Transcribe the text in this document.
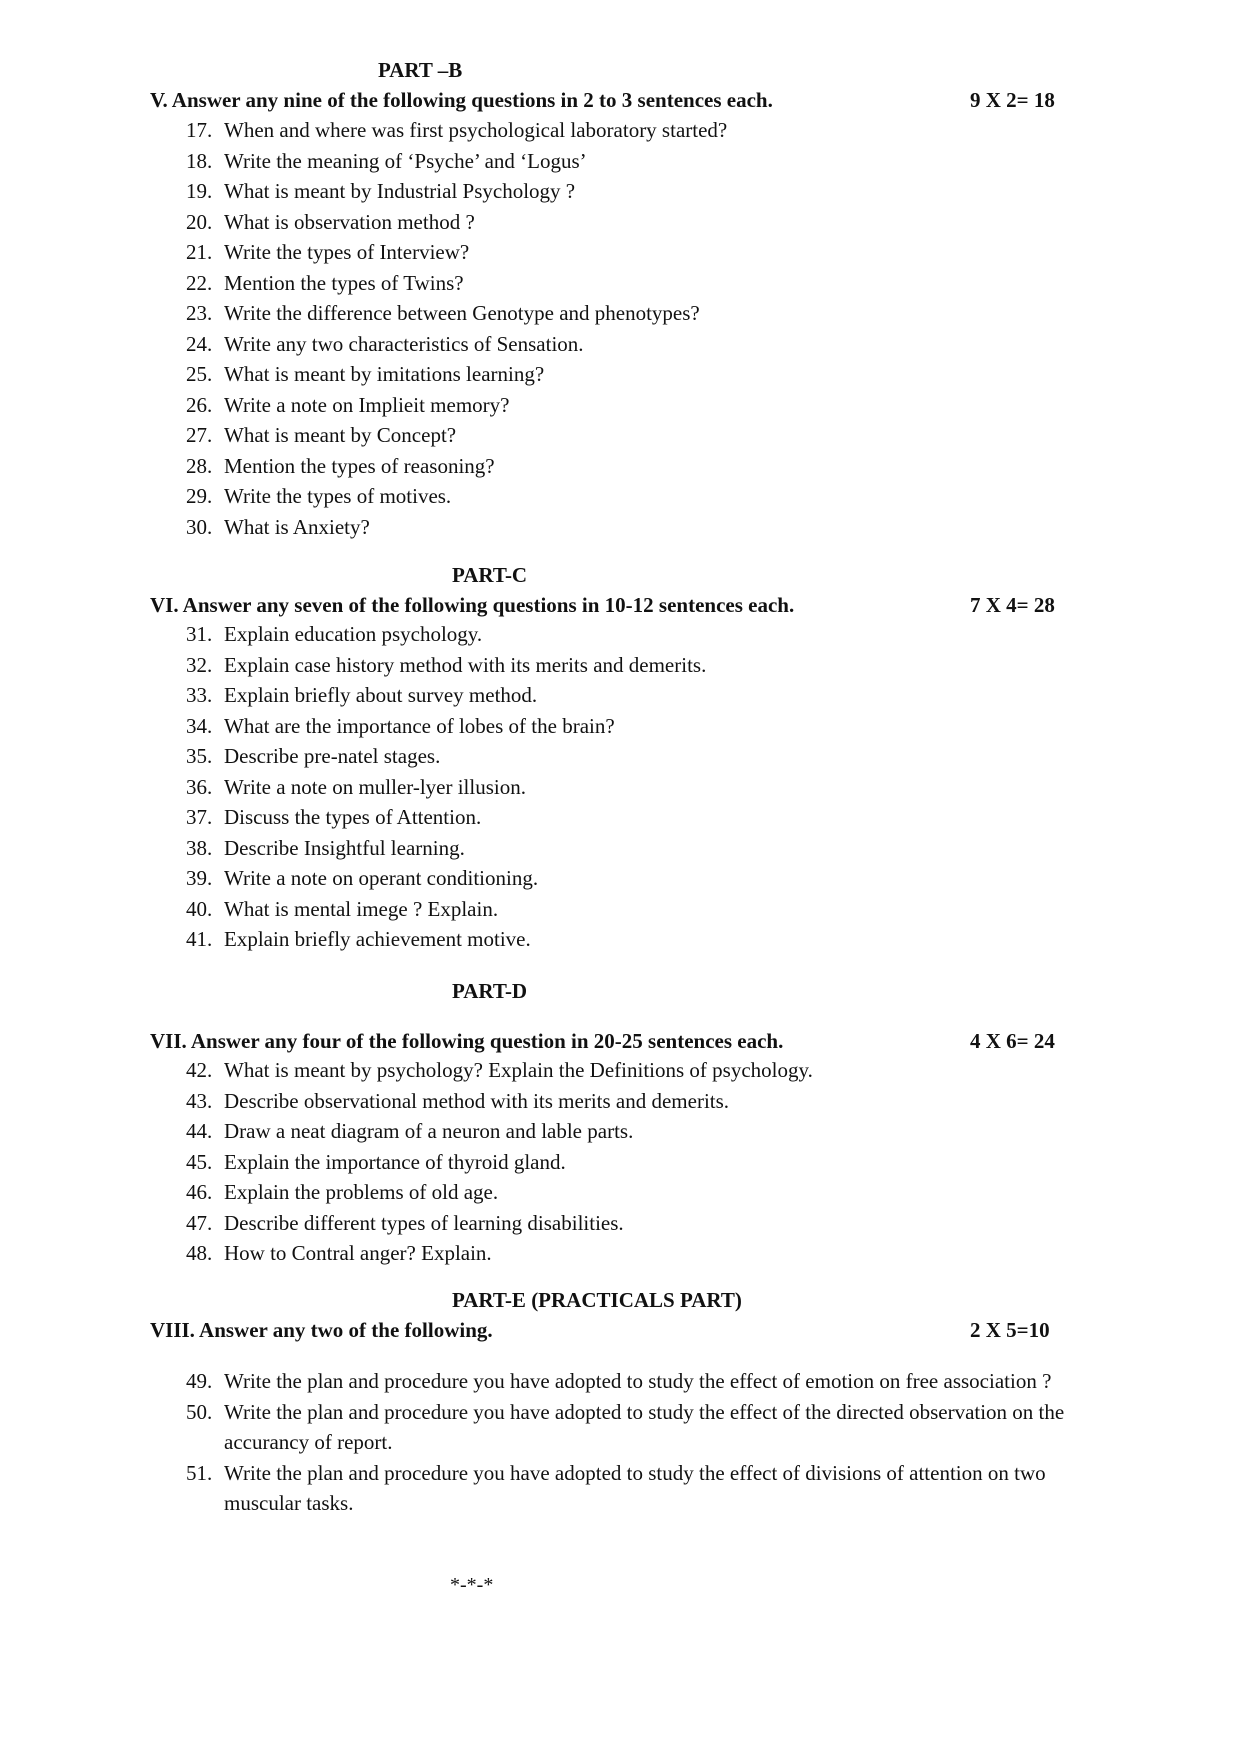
PART –B
V. Answer any nine of the following questions in 2 to 3 sentences each.	9 X 2= 18
17. When and where was first psychological laboratory started?
18. Write the meaning of ‘Psyche’ and ‘Logus’
19. What is meant by Industrial Psychology ?
20. What is observation method ?
21. Write the types of Interview?
22. Mention the types of Twins?
23. Write the difference between Genotype and phenotypes?
24. Write any two characteristics of Sensation.
25. What is meant by imitations learning?
26. Write a note on Implieit memory?
27. What is meant by Concept?
28. Mention the types of reasoning?
29. Write the types of motives.
30. What is Anxiety?
PART-C
VI. Answer any seven of the following questions in 10-12 sentences each.	7 X 4= 28
31. Explain education psychology.
32. Explain case history method with its merits and demerits.
33. Explain briefly about survey method.
34. What are the importance of lobes of the brain?
35. Describe pre-natel stages.
36. Write a note on muller-lyer illusion.
37. Discuss the types of Attention.
38. Describe Insightful learning.
39. Write a note on operant conditioning.
40. What is mental imege ? Explain.
41. Explain briefly achievement motive.
PART-D
VII. Answer any four of the following question in 20-25 sentences each.	4 X 6= 24
42. What is meant by psychology? Explain the Definitions of psychology.
43. Describe observational method with its merits and demerits.
44. Draw a neat diagram of a neuron and lable parts.
45. Explain the importance of thyroid gland.
46. Explain the problems of old age.
47. Describe different types of learning disabilities.
48. How to Contral anger? Explain.
PART-E (PRACTICALS PART)
VIII. Answer any two of the following.	2 X 5=10
49. Write the plan and procedure you have adopted to study the effect of emotion on free association ?
50. Write the plan and procedure you have adopted to study the effect of the directed observation on the accurancy of report.
51. Write the plan and procedure you have adopted to study the effect of divisions of attention on two muscular tasks.
*-*-*
